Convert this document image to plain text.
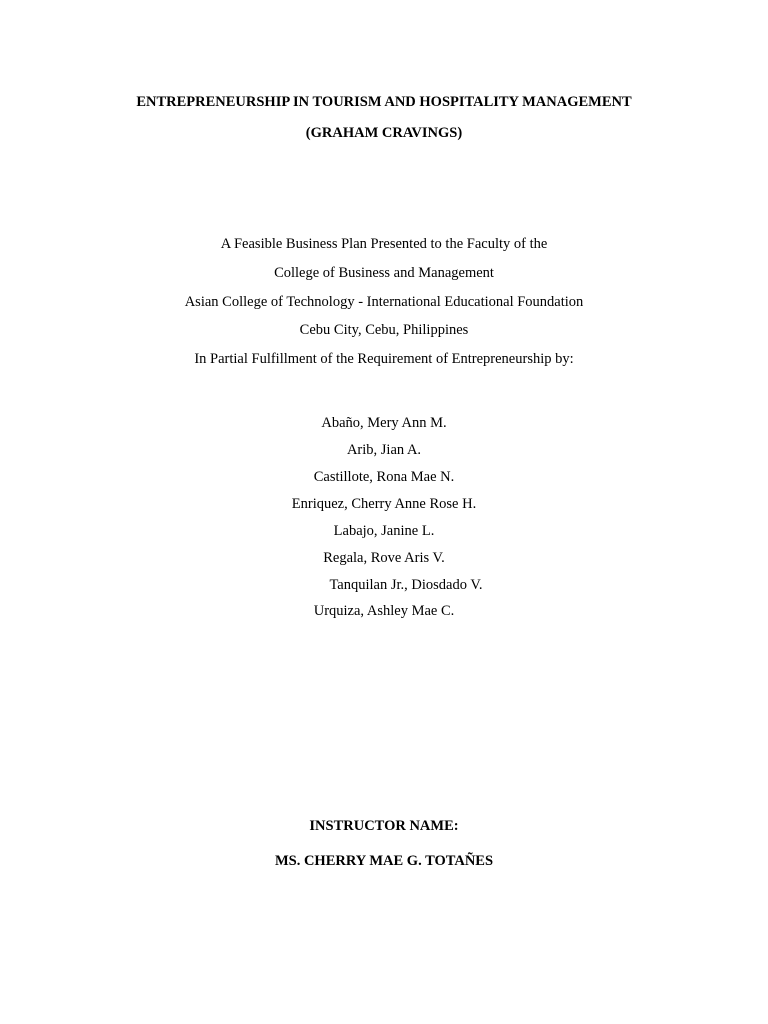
ENTREPRENEURSHIP IN TOURISM AND HOSPITALITY MANAGEMENT
(GRAHAM CRAVINGS)
A Feasible Business Plan Presented to the Faculty of the
College of Business and Management
Asian College of Technology - International Educational Foundation
Cebu City, Cebu, Philippines
In Partial Fulfillment of the Requirement of Entrepreneurship by:
Abaño, Mery Ann M.
Arib, Jian A.
Castillote, Rona Mae N.
Enriquez, Cherry Anne Rose H.
Labajo, Janine L.
Regala, Rove Aris V.
Tanquilan Jr., Diosdado V.
Urquiza, Ashley Mae C.
INSTRUCTOR NAME:
MS. CHERRY MAE G. TOTAÑES
